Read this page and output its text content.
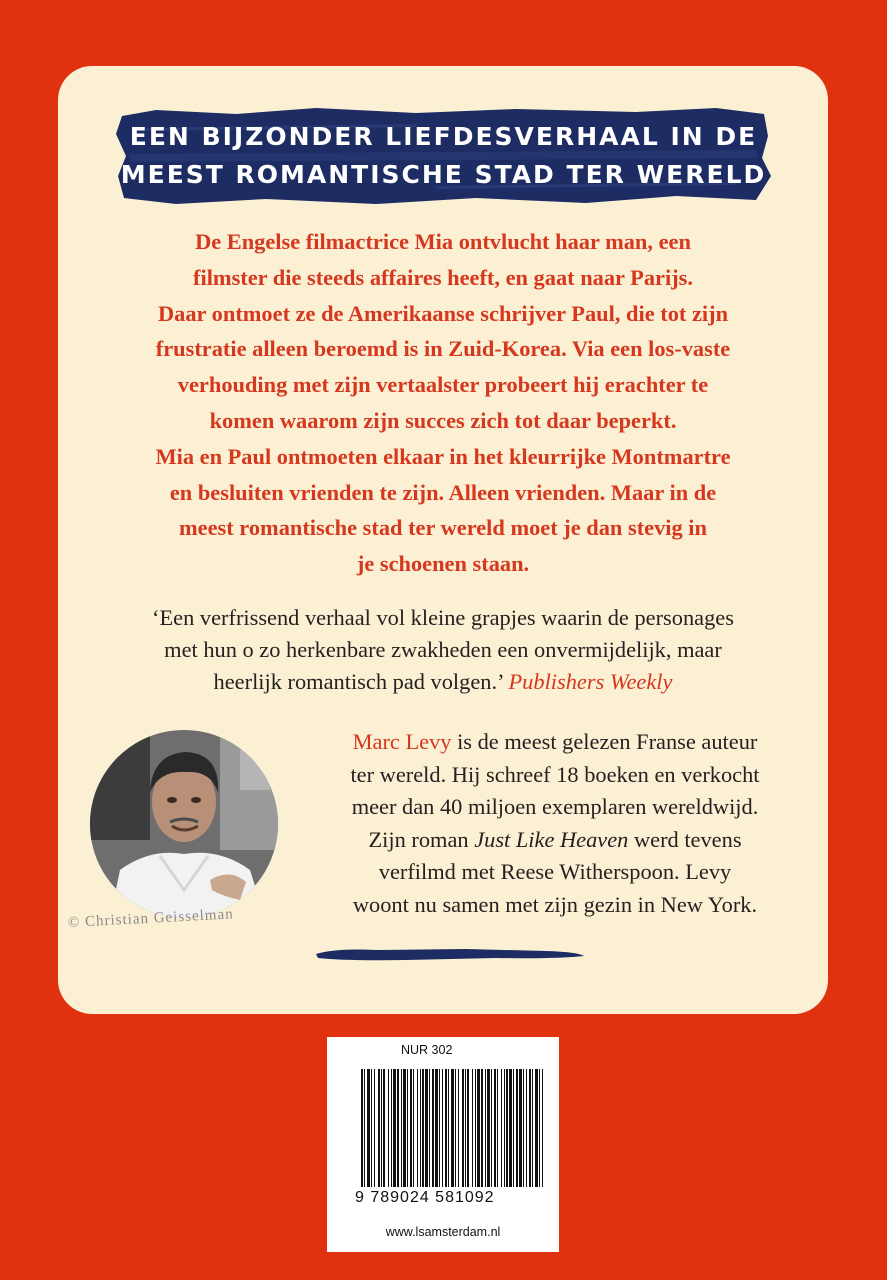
EEN BIJZONDER LIEFDESVERHAAL IN DE
MEEST ROMANTISCHE STAD TER WERELD
De Engelse filmactrice Mia ontvlucht haar man, een
filmster die steeds affaires heeft, en gaat naar Parijs.
Daar ontmoet ze de Amerikaanse schrijver Paul, die tot zijn
frustratie alleen beroemd is in Zuid-Korea. Via een los-vaste
verhouding met zijn vertaalster probeert hij erachter te
komen waarom zijn succes zich tot daar beperkt.
Mia en Paul ontmoeten elkaar in het kleurrijke Montmartre
en besluiten vrienden te zijn. Alleen vrienden. Maar in de
meest romantische stad ter wereld moet je dan stevig in
je schoenen staan.
‘Een verfrissend verhaal vol kleine grapjes waarin de personages
met hun o zo herkenbare zwakheden een onvermijdelijk, maar
heerlijk romantisch pad volgen.’ Publishers Weekly
© Christian Geisselman
Marc Levy is de meest gelezen Franse auteur
ter wereld. Hij schreef 18 boeken en verkocht
meer dan 40 miljoen exemplaren wereldwijd.
Zijn roman Just Like Heaven werd tevens
verfilmd met Reese Witherspoon. Levy
woont nu samen met zijn gezin in New York.
NUR 302
9 789024 581092
www.lsamsterdam.nl
